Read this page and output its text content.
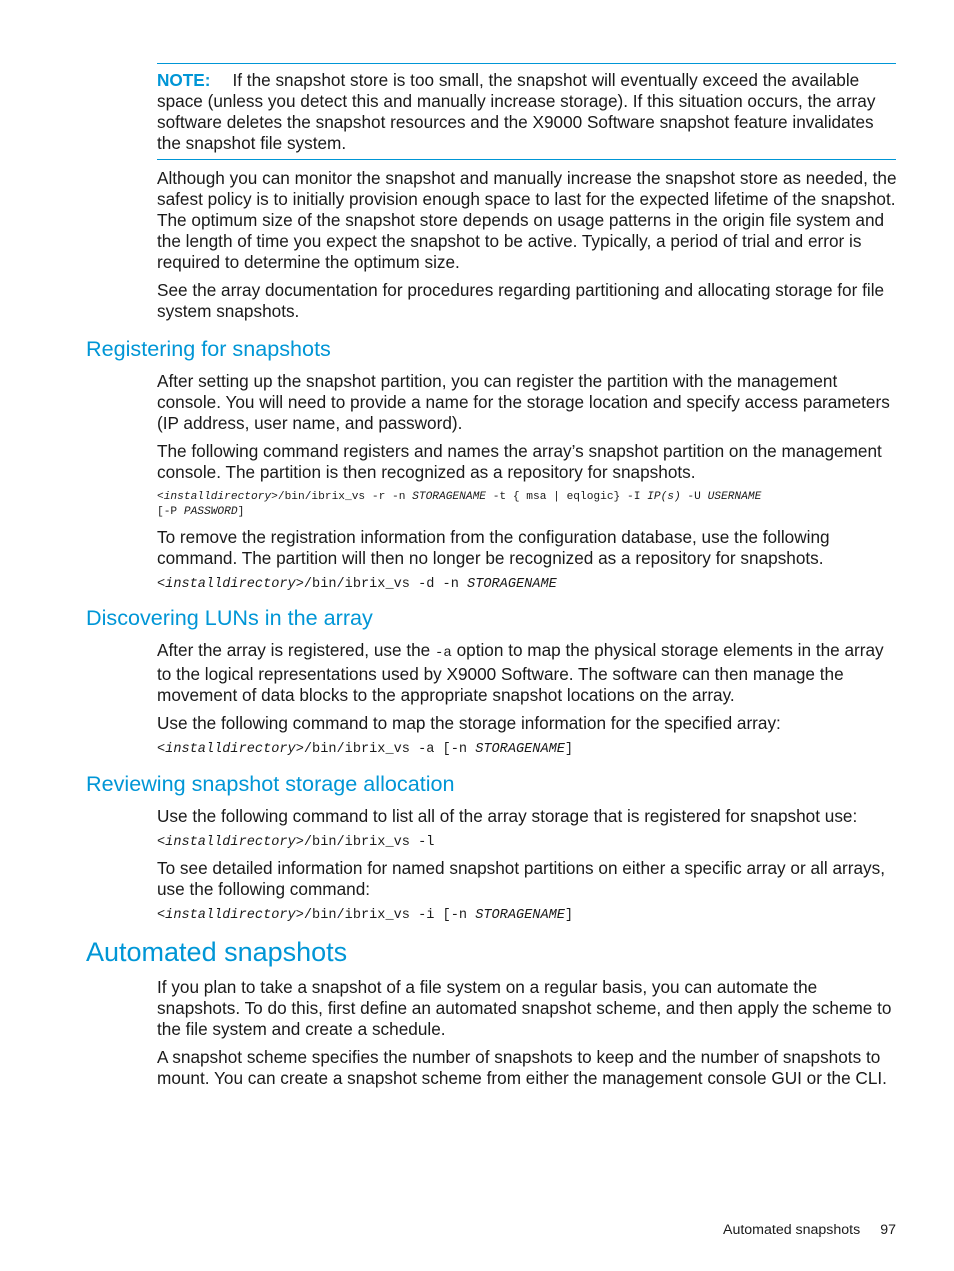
NOTE: If the snapshot store is too small, the snapshot will eventually exceed the available space (unless you detect this and manually increase storage). If this situation occurs, the array software deletes the snapshot resources and the X9000 Software snapshot feature invalidates the snapshot file system.

Although you can monitor the snapshot and manually increase the snapshot store as needed, the safest policy is to initially provision enough space to last for the expected lifetime of the snapshot. The optimum size of the snapshot store depends on usage patterns in the origin file system and the length of time you expect the snapshot to be active. Typically, a period of trial and error is required to determine the optimum size.

See the array documentation for procedures regarding partitioning and allocating storage for file system snapshots.

Registering for snapshots

After setting up the snapshot partition, you can register the partition with the management console. You will need to provide a name for the storage location and specify access parameters (IP address, user name, and password).

The following command registers and names the array’s snapshot partition on the management console. The partition is then recognized as a repository for snapshots.

<installdirectory>/bin/ibrix_vs -r -n STORAGENAME -t { msa | eqlogic} -I IP(s) -U USERNAME
[-P PASSWORD]

To remove the registration information from the configuration database, use the following command. The partition will then no longer be recognized as a repository for snapshots.

<installdirectory>/bin/ibrix_vs -d -n STORAGENAME
Discovering LUNs in the array

After the array is registered, use the -a option to map the physical storage elements in the array to the logical representations used by X9000 Software. The software can then manage the movement of data blocks to the appropriate snapshot locations on the array.

Use the following command to map the storage information for the specified array:

<installdirectory>/bin/ibrix_vs -a [-n STORAGENAME]
Reviewing snapshot storage allocation

Use the following command to list all of the array storage that is registered for snapshot use:

<installdirectory>/bin/ibrix_vs -l

To see detailed information for named snapshot partitions on either a specific array or all arrays, use the following command:

<installdirectory>/bin/ibrix_vs -i [-n STORAGENAME]
Automated snapshots

If you plan to take a snapshot of a file system on a regular basis, you can automate the snapshots. To do this, first define an automated snapshot scheme, and then apply the scheme to the file system and create a schedule.

A snapshot scheme specifies the number of snapshots to keep and the number of snapshots to mount. You can create a snapshot scheme from either the management console GUI or the CLI.

Automated snapshots 97
